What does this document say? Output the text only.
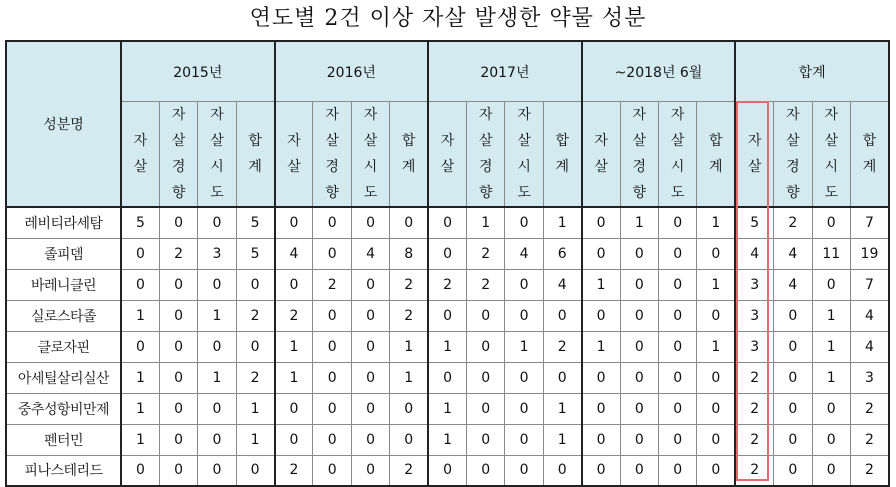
연도별 2건 이상 자살 발생한 약물 성분
성분명	2015년				2016년				2017년				~2018년 6월				합계			
	자살	자살경향	자살시도	합계	자살	자살경향	자살시도	합계	자살	자살경향	자살시도	합계	자살	자살경향	자살시도	합계	자살	자살경향	자살시도	합계
레비티라세탐	5	0	0	5	0	0	0	0	0	1	0	1	0	1	0	1	5	2	0	7
졸피뎀	0	2	3	5	4	0	4	8	0	2	4	6	0	0	0	0	4	4	11	19
바레니클린	0	0	0	0	0	2	0	2	2	2	0	4	1	0	0	1	3	4	0	7
실로스타졸	1	0	1	2	2	0	0	2	0	0	0	0	0	0	0	0	3	0	1	4
클로자핀	0	0	0	0	1	0	0	1	1	0	1	2	1	0	0	1	3	0	1	4
아세틸살리실산	1	0	1	2	1	0	0	1	0	0	0	0	0	0	0	0	2	0	1	3
중추성항비만제	1	0	0	1	0	0	0	0	1	0	0	1	0	0	0	0	2	0	0	2
펜터민	1	0	0	1	0	0	0	0	1	0	0	1	0	0	0	0	2	0	0	2
피나스테리드	0	0	0	0	2	0	0	2	0	0	0	0	0	0	0	0	2	0	0	2
